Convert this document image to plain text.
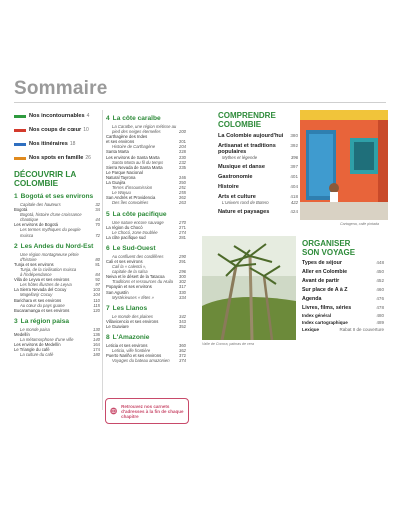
Sommaire
Nos incontournables 4
Nos coups de cœur 10
Nos itinéraires 18
Nos spots en famille 26
DÉCOUVRIR LA COLOMBIE
1 Bogotá et ses environs
Capitale des hauteurs	32
Bogotá	34
Bogotá, histoire d'une croissance
chaotique	44
Les environs de Bogotá	70
Les termes mythiques du peuple
muisca	72
2 Les Andes du Nord-Est
Une région montagneuse pétrie
d'histoire	80
Tunja et ses environs	81
Tunja, de la civilisation muisca
à l'indépendance	84
Villa de Leyva et ses environs	92
Les hôtes illustres de Leyva	97
La Sierra Nevada del Cocuy	103
Magellanjr Cocuy	104
Barichara et ses environs	110
Au cœur du pays guane	115
Bucaramanga et ses environs	120
3 La région paisa
Le monde paisa	130
Medellín	136
La métamorphose d'une ville	140
Les environs de Medellín	164
Le Triangle du café	174
La culture du café	180
4 La côte caraïbe
La Caraïbe, une région métisse au
pied des neiges éternelles	200
Carthagène des Indes
et ses environs	201
Histoire de Carthagène	204
Santa Marta	228
Les environs de Santa Marta	230
Santa Marta au fil du temps	232
Sierra Nevada de Santa Marta	235
Le Parque Nacional
Natural Tayrona	246
La Guajira	250
Terres d'insoumission	251
Le Wayuu	255
San Andrés et Providencia	262
Des îles convoitées	263
5 La côte pacifique
Une nature encore sauvage	270
La région du Chocó	271
Le Chocó, zone troublée	274
La côte pacifique sud	281
6 Le Sud-Ouest
Au confluent des cordillères	290
Cali et ses environs	291
Cali la « calentá »,
capitale de la salsa	296
Neiva et le désert de la Tatacoa	300
Traditions et ressources du Huila	302
Popayán et ses environs	317
San Agustín	330
Mystérieuses « têtes »	334
7 Les Llanos
Le monde des plaines	342
Villavicencio et ses environs	343
Le Guaviare	352
8 L'Amazonie
Leticia et ses environs	360
Leticia, ville frontière	362
Puerto Nariño et ses environs	372
Voyages du bateau amazonien	374
Retrouvez nos carnets d'adresses à la fin de chaque chapitre
COMPRENDRE
COLOMBIE
La Colombie aujourd'hui 380
Artisanat et traditions populaires
392
Mythes et légende	396
Musique et danse	397
Gastronomie	401
Histoire	404
Arts et culture	418
L'univers rond de Botero	422
Nature et paysages	424
Cartagena, calle pintada
Valle de Cocora, palmas de cera
ORGANISER
SON VOYAGE
Types de séjour	448
Aller en Colombie	450
Avant de partir	452
Sur place de A à Z	460
Agenda	476
Livres, films, séries	478
Index général	480
Index cartographique	489
Lexique	Rabat II de couverture
